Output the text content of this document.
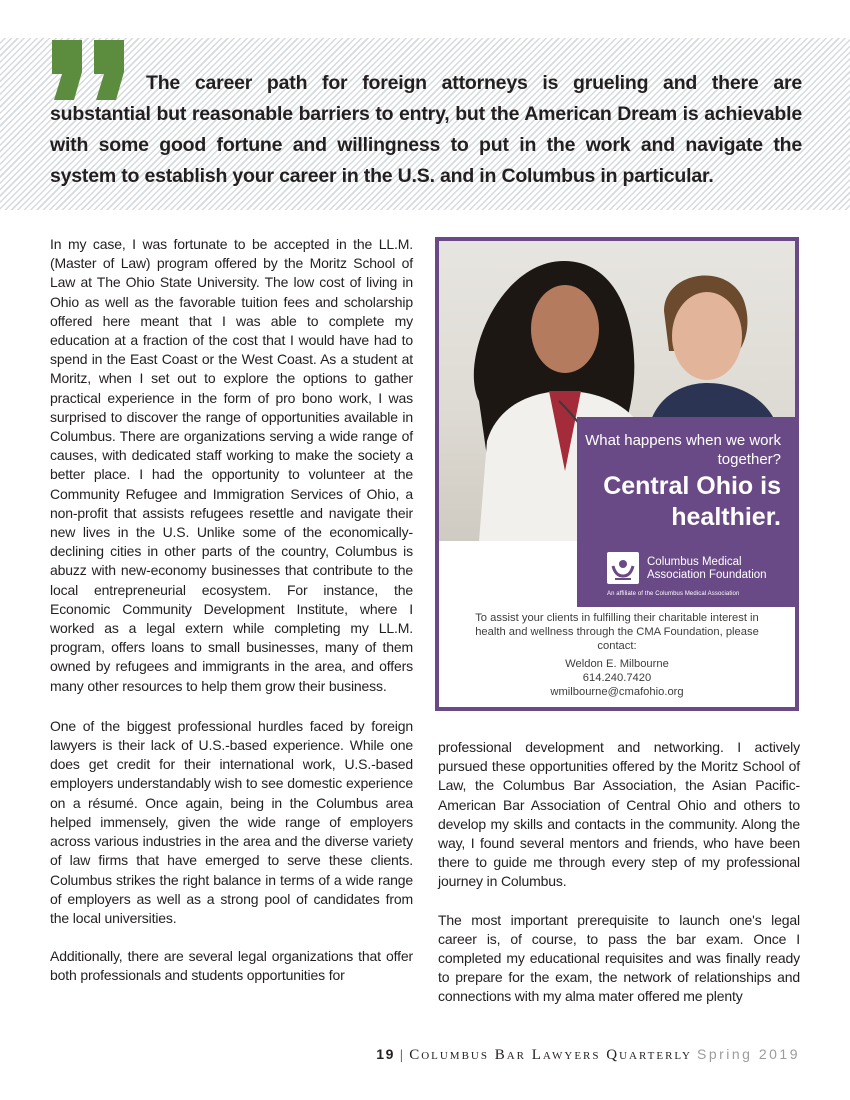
The career path for foreign attorneys is grueling and there are substantial but reasonable barriers to entry, but the American Dream is achievable with some good fortune and willingness to put in the work and navigate the system to establish your career in the U.S. and in Columbus in particular.

In my case, I was fortunate to be accepted in the LL.M. (Master of Law) program offered by the Moritz School of Law at The Ohio State University. The low cost of living in Ohio as well as the favorable tuition fees and scholarship offered here meant that I was able to complete my education at a fraction of the cost that I would have had to spend in the East Coast or the West Coast. As a student at Moritz, when I set out to explore the options to gather practical experience in the form of pro bono work, I was surprised to discover the range of opportunities available in Columbus. There are organizations serving a wide range of causes, with dedicated staff working to make the society a better place. I had the opportunity to volunteer at the Community Refugee and Immigration Services of Ohio, a non-profit that assists refugees resettle and navigate their new lives in the U.S. Unlike some of the economically-declining cities in other parts of the country, Columbus is abuzz with new-economy businesses that contribute to the local entrepreneurial ecosystem. For instance, the Economic Community Development Institute, where I worked as a legal extern while completing my LL.M. program, offers loans to small businesses, many of them owned by refugees and immigrants in the area, and offers many other resources to help them grow their business.

One of the biggest professional hurdles faced by foreign lawyers is their lack of U.S.-based experience. While one does get credit for their international work, U.S.-based employers understandably wish to see domestic experience on a résumé. Once again, being in the Columbus area helped immensely, given the wide range of employers across various industries in the area and the diverse variety of law firms that have emerged to serve these clients. Columbus strikes the right balance in terms of a wide range of employers as well as a strong pool of candidates from the local universities.

Additionally, there are several legal organizations that offer both professionals and students opportunities for

What happens when we work together?
Central Ohio is healthier.
Columbus Medical Association Foundation
An affiliate of the Columbus Medical Association
To assist your clients in fulfilling their charitable interest in health and wellness through the CMA Foundation, please contact:
Weldon E. Milbourne
614.240.7420
wmilbourne@cmafohio.org

professional development and networking. I actively pursued these opportunities offered by the Moritz School of Law, the Columbus Bar Association, the Asian Pacific-American Bar Association of Central Ohio and others to develop my skills and contacts in the community. Along the way, I found several mentors and friends, who have been there to guide me through every step of my professional journey in Columbus.

The most important prerequisite to launch one's legal career is, of course, to pass the bar exam. Once I completed my educational requisites and was finally ready to prepare for the exam, the network of relationships and connections with my alma mater offered me plenty

19 | Columbus Bar Lawyers Quarterly Spring 2019
